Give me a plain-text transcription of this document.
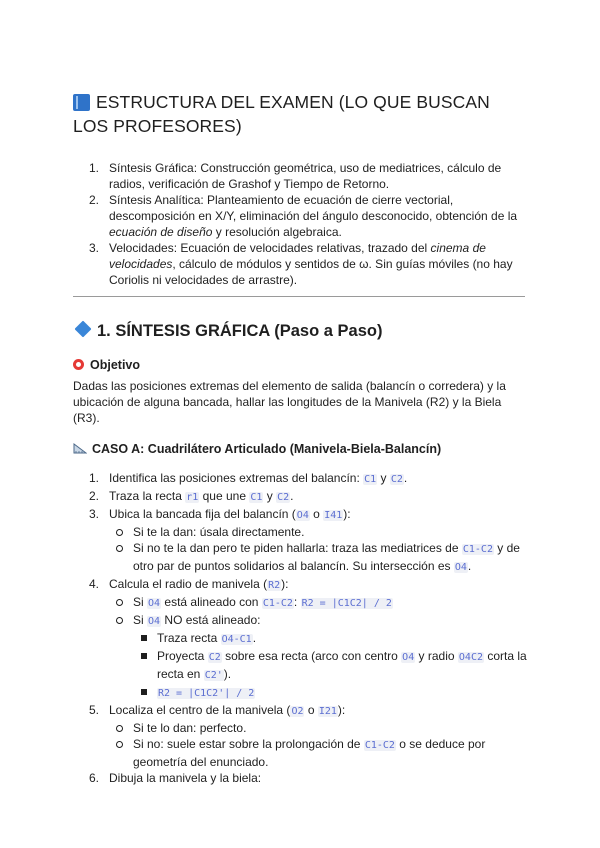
ESTRUCTURA DEL EXAMEN (LO QUE BUSCAN
LOS PROFESORES)
1. Síntesis Gráfica: Construcción geométrica, uso de mediatrices, cálculo de radios, verificación de Grashof y Tiempo de Retorno.
2. Síntesis Analítica: Planteamiento de ecuación de cierre vectorial, descomposición en X/Y, eliminación del ángulo desconocido, obtención de la ecuación de diseño y resolución algebraica.
3. Velocidades: Ecuación de velocidades relativas, trazado del cinema de velocidades, cálculo de módulos y sentidos de ω. Sin guías móviles (no hay Coriolis ni velocidades de arrastre).
1. SÍNTESIS GRÁFICA (Paso a Paso)
Objetivo

Dadas las posiciones extremas del elemento de salida (balancín o corredera) y la ubicación de alguna bancada, hallar las longitudes de la Manivela (R2) y la Biela (R3).

CASO A: Cuadrilátero Articulado (Manivela-Biela-Balancín)
1. Identifica las posiciones extremas del balancín: C1 y C2.
2. Traza la recta r1 que une C1 y C2.
3. Ubica la bancada fija del balancín (O4 o I41):
Si te la dan: úsala directamente.
Si no te la dan pero te piden hallarla: traza las mediatrices de C1-C2 y de otro par de puntos solidarios al balancín. Su intersección es O4.
4. Calcula el radio de manivela (R2):
Si O4 está alineado con C1-C2: R2 = |C1C2| / 2
Si O4 NO está alineado:
Traza recta O4-C1.
Proyecta C2 sobre esa recta (arco con centro O4 y radio O4C2 corta la recta en C2').
R2 = |C1C2'| / 2
5. Localiza el centro de la manivela (O2 o I21):
Si te lo dan: perfecto.
Si no: suele estar sobre la prolongación de C1-C2 o se deduce por geometría del enunciado.
6. Dibuja la manivela y la biela:
